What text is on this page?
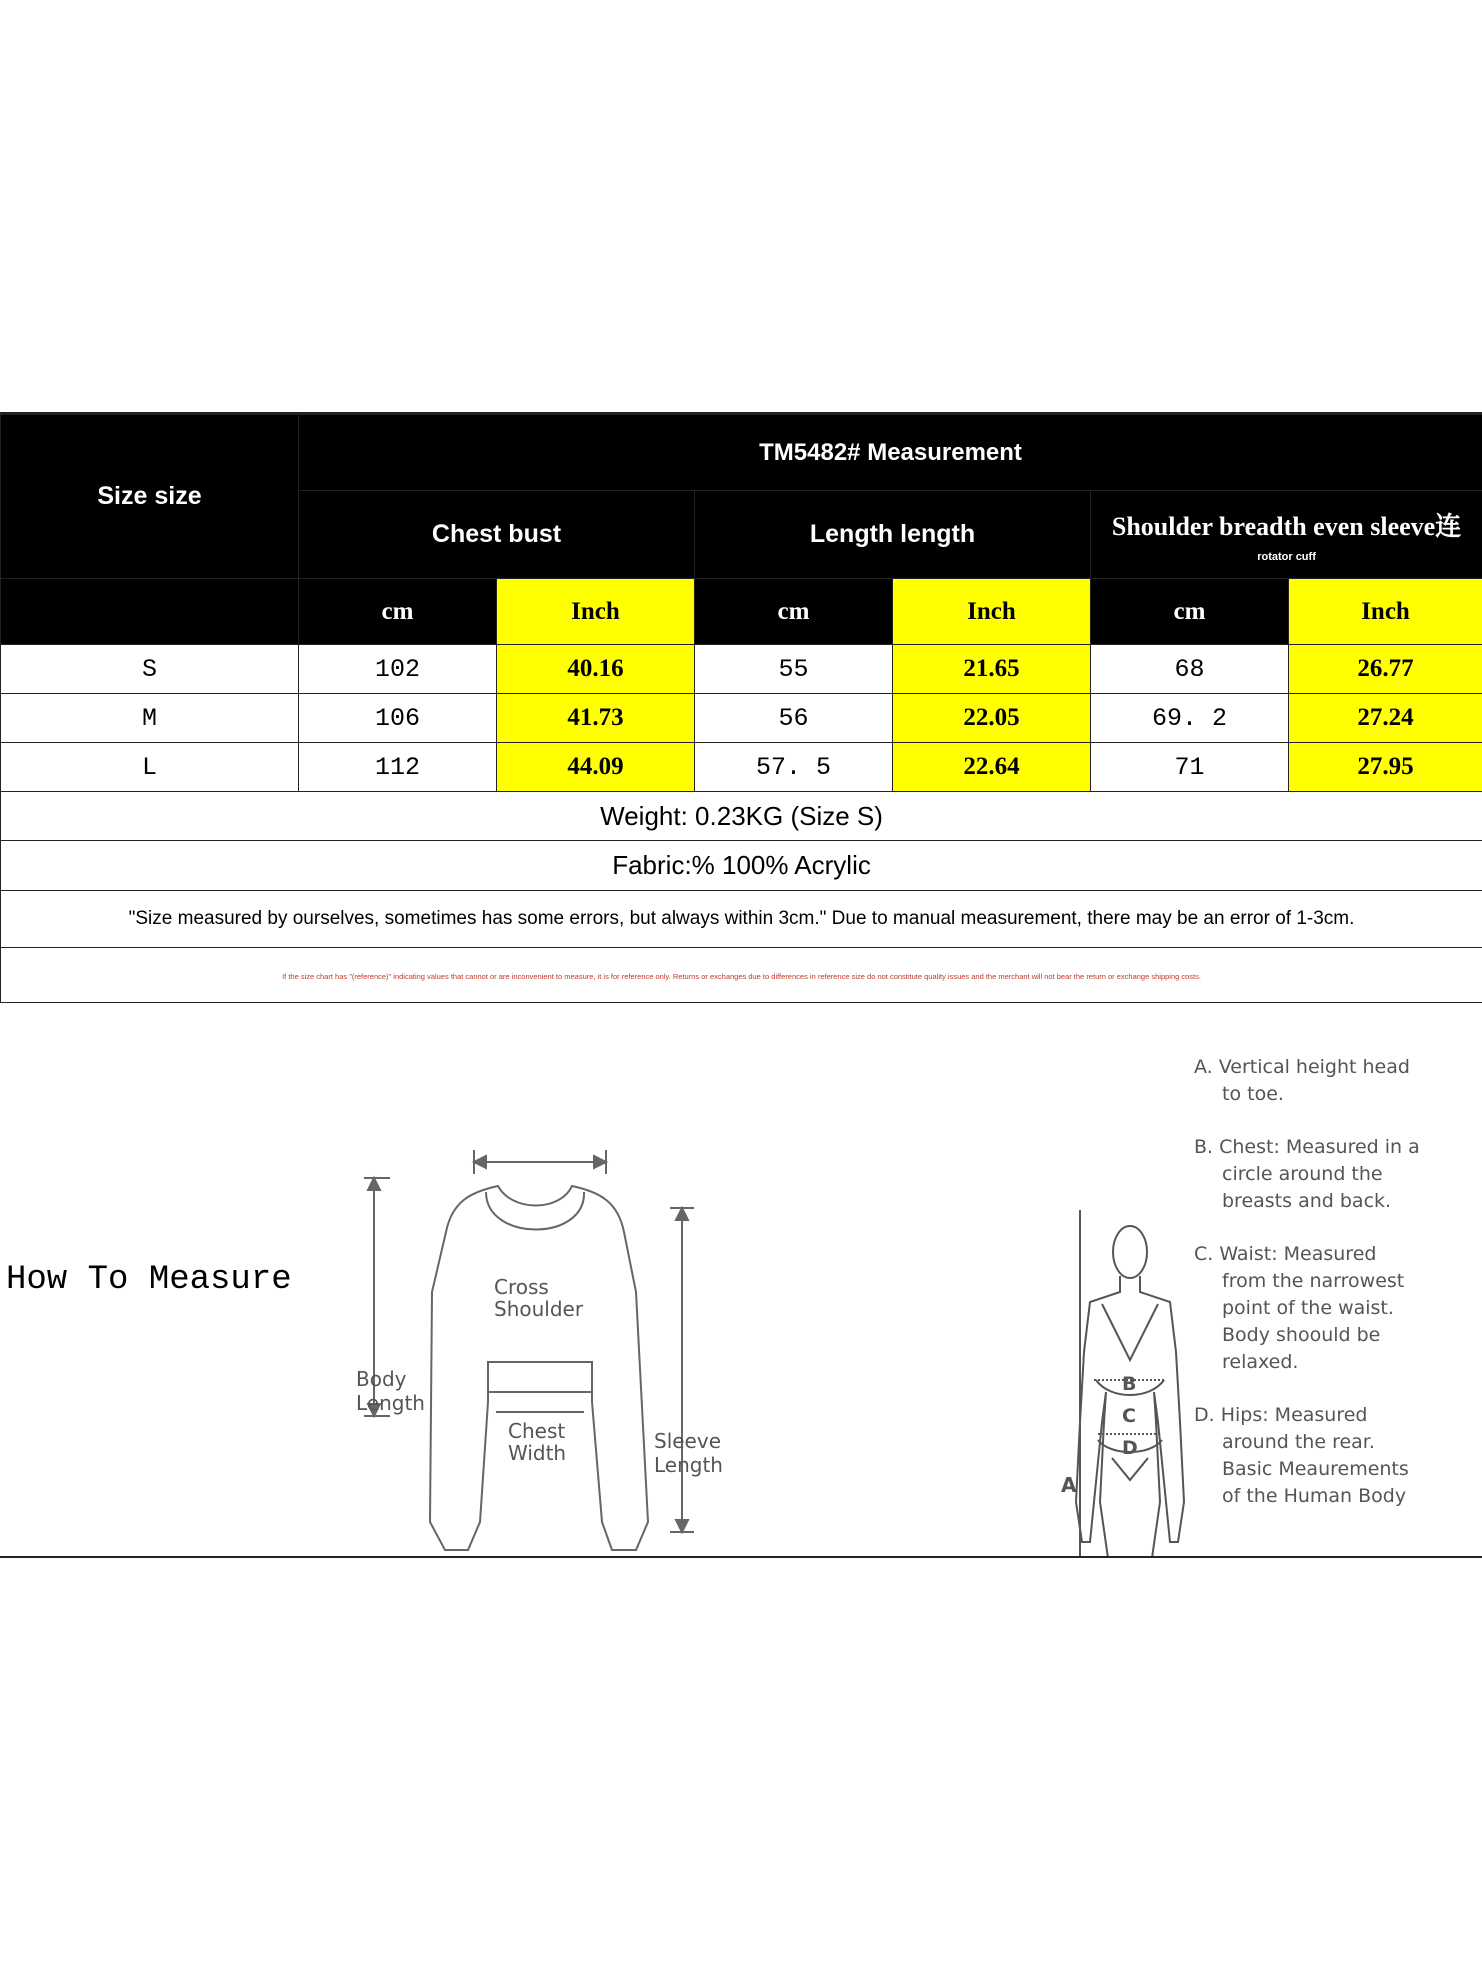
Size size	TM5482# Measurement					
	Chest bust		Length length		Shoulder breadth even sleeve连
rotator cuff	

	cm	Inch	cm	Inch	cm	Inch
S	102	40.16	55	21.65	68	26.77
M	106	41.73	56	22.05	69. 2	27.24
L	112	44.09	57. 5	22.64	71	27.95
Weight: 0.23KG (Size S)						
Fabric:% 100% Acrylic						
"Size measured by ourselves, sometimes has some errors, but always within 3cm." Due to manual measurement, there may be an error of 1-3cm.						
If the size chart has "(reference)" indicating values that cannot or are inconvenient to measure, it is for reference only. Returns or exchanges due to differences in reference size do not constitute quality issues and the merchant will not bear the return or exchange shipping costs.						
How To Measure	Cross
Shoulder
Body
Length
Chest
Width	Sleeve
Length
A
B
C
D
A. Vertical height head
to toe.
B. Chest: Measured in a
circle around the
breasts and back.
C. Waist: Measured
from the narrowest
point of the waist.
Body shoould be
relaxed.
D. Hips: Measured
around the rear.
Basic Meaurements
of the Human Body
